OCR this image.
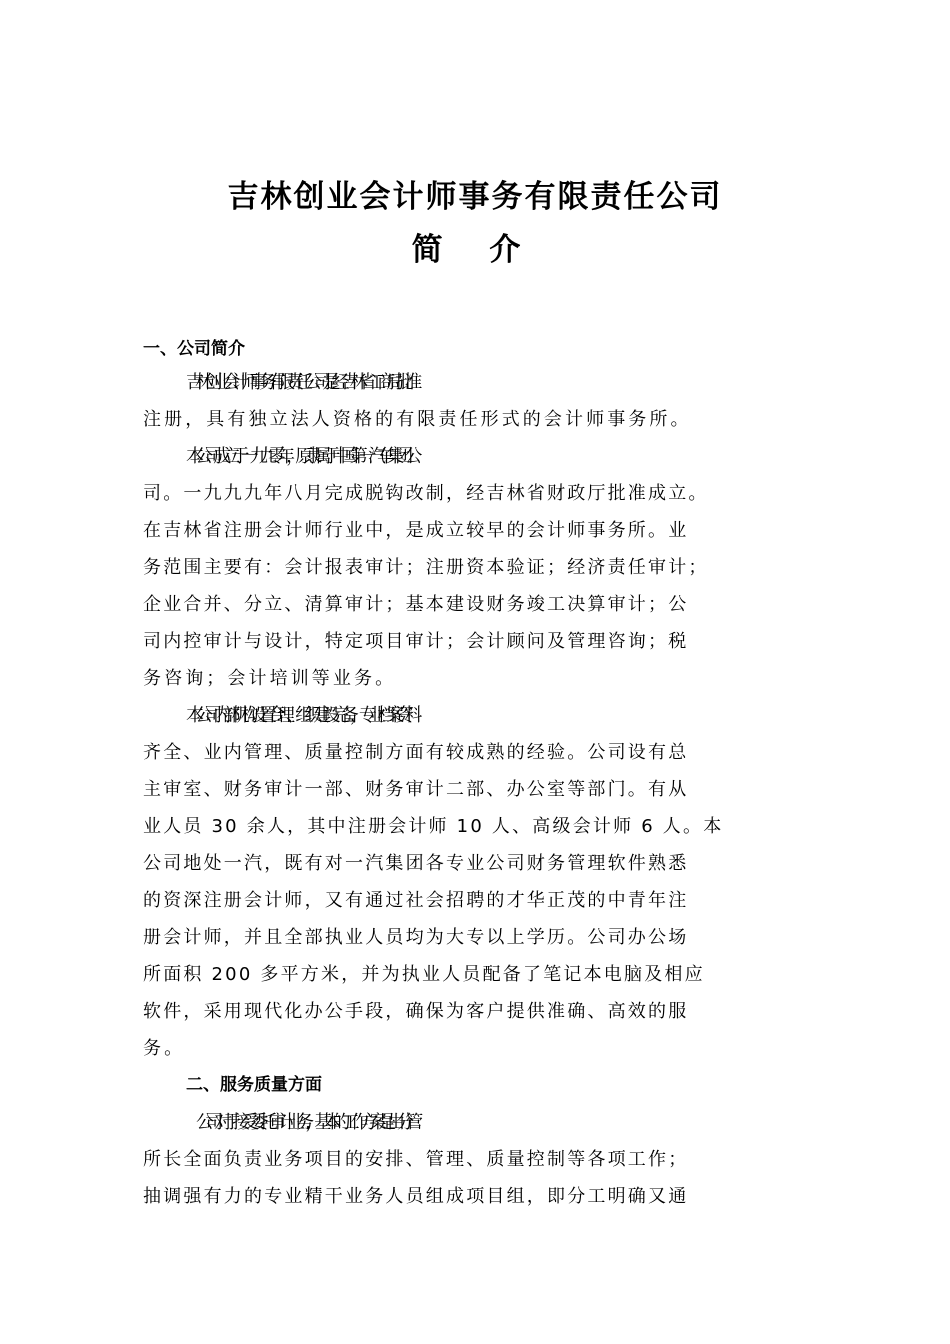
吉林创业会计师事务有限责任公司
简 介
一、公司简介
吉林创业会计师事务有限责任公司是经吉林省工商局批准
注册，具有独立法人资格的有限责任形式的会计师事务所。
本公司成立于一九九零年，原隶属于中国第一汽车集团公
司。一九九九年八月完成脱钩改制，经吉林省财政厅批准成立。
在吉林省注册会计师行业中，是成立较早的会计师事务所。业
务范围主要有：会计报表审计；注册资本验证；经济责任审计；
企业合并、分立、清算审计；基本建设财务竣工决算审计；公
司内控审计与设计，特定项目审计；会计顾问及管理咨询；税
务咨询；会计培训等业务。
本公司内部机构设置合理、组织建设完备，专业档案资料
齐全、业内管理、质量控制方面有较成熟的经验。公司设有总
主审室、财务审计一部、财务审计二部、办公室等部门。有从
业人员 30 余人，其中注册会计师 10 人、高级会计师 6 人。本
公司地处一汽，既有对一汽集团各专业公司财务管理软件熟悉
的资深注册会计师，又有通过社会招聘的才华正茂的中青年注
册会计师，并且全部执业人员均为大专以上学历。公司办公场
所面积 200 多平方米，并为执业人员配备了笔记本电脑及相应
软件，采用现代化办公手段，确保为客户提供准确、高效的服
务。
二、服务质量方面
公司对于接受委托审计业务，基本的工作方案是由分管
所长全面负责业务项目的安排、管理、质量控制等各项工作；
抽调强有力的专业精干业务人员组成项目组，即分工明确又通
